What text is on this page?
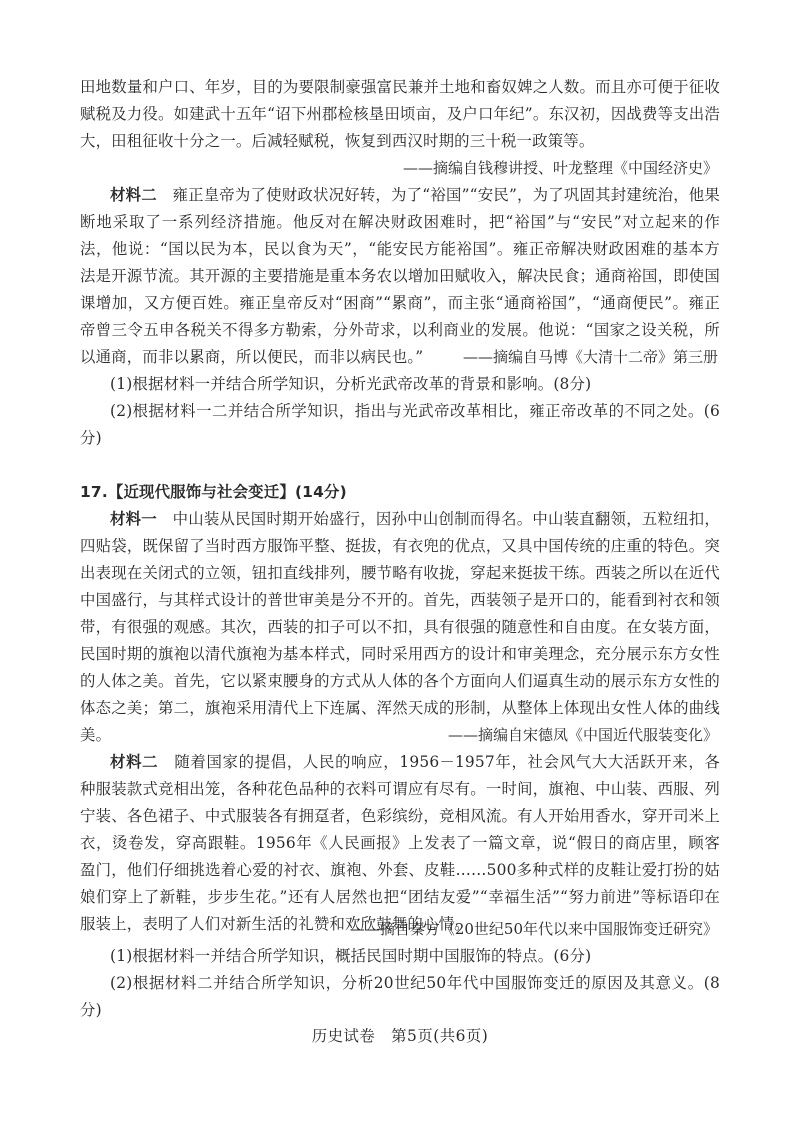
田地数量和户口、年岁，目的为要限制豪强富民兼并土地和畜奴婢之人数。而且亦可便于征收赋税及力役。如建武十五年“诏下州郡检核垦田顷亩，及户口年纪”。东汉初，因战费等支出浩大，田租征收十分之一。后减轻赋税，恢复到西汉时期的三十税一政策等。

——摘编自钱穆讲授、叶龙整理《中国经济史》

材料二　 雍正皇帝为了使财政状况好转，为了“裕国”“安民”，为了巩固其封建统治，他果断地采取了一系列经济措施。他反对在解决财政困难时，把“裕国”与“安民”对立起来的作法，他说：“国以民为本，民以食为天”，“能安民方能裕国”。雍正帝解决财政困难的基本方法是开源节流。其开源的主要措施是重本务农以增加田赋收入，解决民食；通商裕国，即使国课增加，又方便百姓。雍正皇帝反对“困商”“累商”，而主张“通商裕国”，“通商便民”。雍正帝曾三令五申各税关不得多方勒索，分外苛求，以利商业的发展。他说：“国家之设关税，所以通商，而非以累商，所以便民，而非以病民也。”	——摘编自马博《大清十二帝》第三册

(1)根据材料一并结合所学知识，分析光武帝改革的背景和影响。(8分)

(2)根据材料一二并结合所学知识，指出与光武帝改革相比，雍正帝改革的不同之处。(6分)

17.【近现代服饰与社会变迁】(14分)

材料一　 中山装从民国时期开始盛行，因孙中山创制而得名。中山装直翻领，五粒纽扣，四贴袋，既保留了当时西方服饰平整、挺拔，有衣兜的优点，又具中国传统的庄重的特色。突出表现在关闭式的立领，钮扣直线排列，腰节略有收拢，穿起来挺拔干练。西装之所以在近代中国盛行，与其样式设计的普世审美是分不开的。首先，西装领子是开口的，能看到衬衣和领带，有很强的观感。其次，西装的扣子可以不扣，具有很强的随意性和自由度。在女装方面，民国时期的旗袍以清代旗袍为基本样式，同时采用西方的设计和审美理念，充分展示东方女性的人体之美。首先，它以紧束腰身的方式从人体的各个方面向人们逼真生动的展示东方女性的体态之美；第二，旗袍采用清代上下连属、浑然天成的形制，从整体上体现出女性人体的曲线美。	——摘编自宋德凤《中国近代服装变化》

材料二　 随着国家的提倡，人民的响应，1956－1957年，社会风气大大活跃开来，各种服装款式竞相出笼，各种花色品种的衣料可谓应有尽有。一时间，旗袍、中山装、西服、列宁装、各色裙子、中式服装各有拥趸者，色彩缤纷，竞相风流。有人开始用香水，穿开司米上衣，烫卷发，穿高跟鞋。1956年《人民画报》上发表了一篇文章，说“假日的商店里，顾客盈门，他们仔细挑选着心爱的衬衣、旗袍、外套、皮鞋……500多种式样的皮鞋让爱打扮的姑娘们穿上了新鞋，步步生花。”还有人居然也把“团结友爱”“幸福生活”“努力前进”等标语印在服装上，表明了人们对新生活的礼赞和欢欣鼓舞的心情。

——摘自秦方《20世纪50年代以来中国服饰变迁研究》

(1)根据材料一并结合所学知识，概括民国时期中国服饰的特点。(6分)

(2)根据材料二并结合所学知识，分析20世纪50年代中国服饰变迁的原因及其意义。(8分)

历史试卷　第5页(共6页)
